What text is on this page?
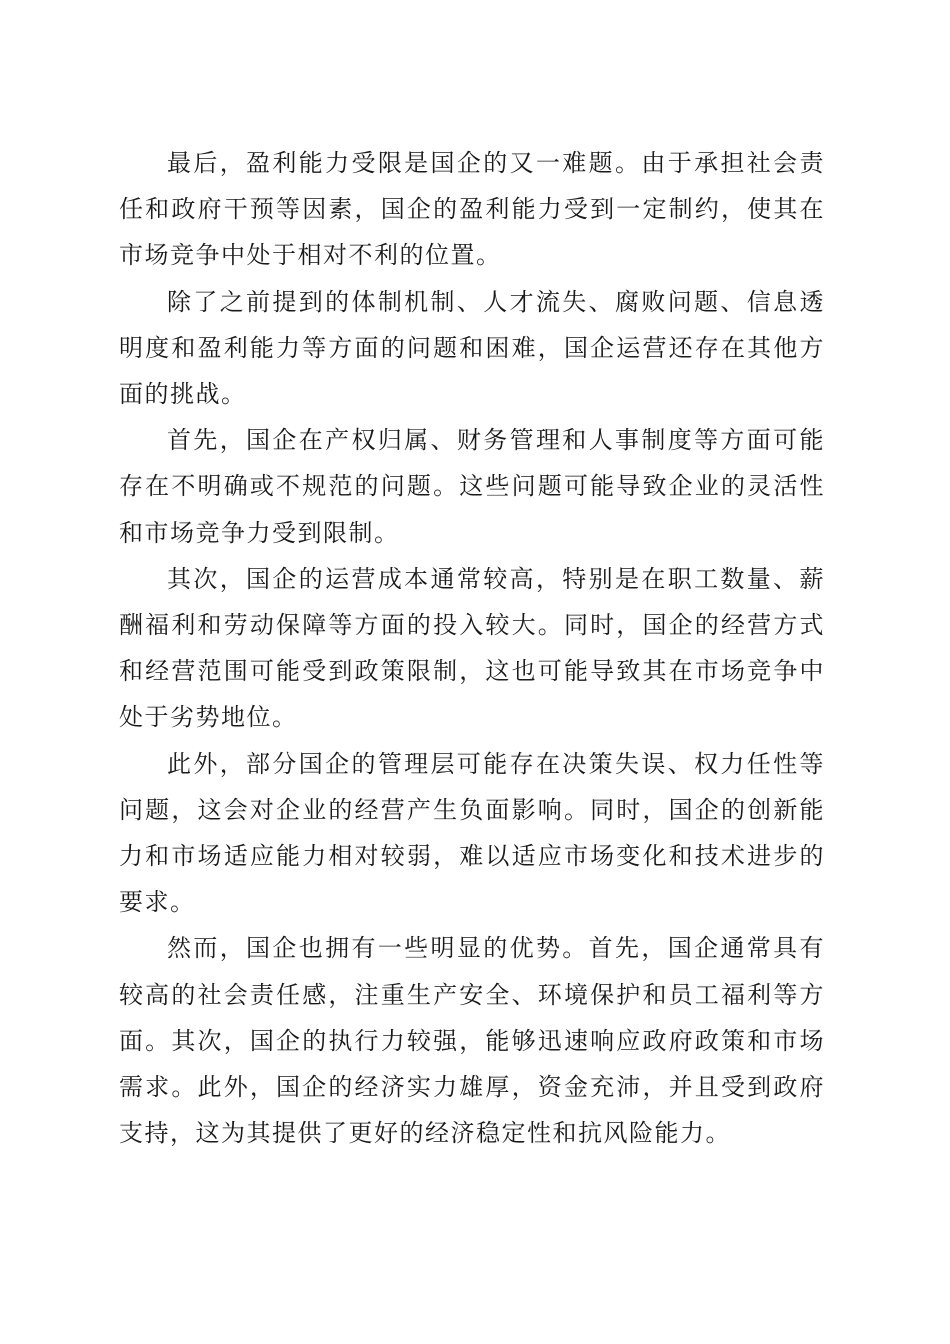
最后，盈利能力受限是国企的又一难题。由于承担社会责任和政府干预等因素，国企的盈利能力受到一定制约，使其在市场竞争中处于相对不利的位置。

除了之前提到的体制机制、人才流失、腐败问题、信息透明度和盈利能力等方面的问题和困难，国企运营还存在其他方面的挑战。

首先，国企在产权归属、财务管理和人事制度等方面可能存在不明确或不规范的问题。这些问题可能导致企业的灵活性和市场竞争力受到限制。

其次，国企的运营成本通常较高，特别是在职工数量、薪酬福利和劳动保障等方面的投入较大。同时，国企的经营方式和经营范围可能受到政策限制，这也可能导致其在市场竞争中处于劣势地位。

此外，部分国企的管理层可能存在决策失误、权力任性等问题，这会对企业的经营产生负面影响。同时，国企的创新能力和市场适应能力相对较弱，难以适应市场变化和技术进步的要求。

然而，国企也拥有一些明显的优势。首先，国企通常具有较高的社会责任感，注重生产安全、环境保护和员工福利等方面。其次，国企的执行力较强，能够迅速响应政府政策和市场需求。此外，国企的经济实力雄厚，资金充沛，并且受到政府支持，这为其提供了更好的经济稳定性和抗风险能力。
